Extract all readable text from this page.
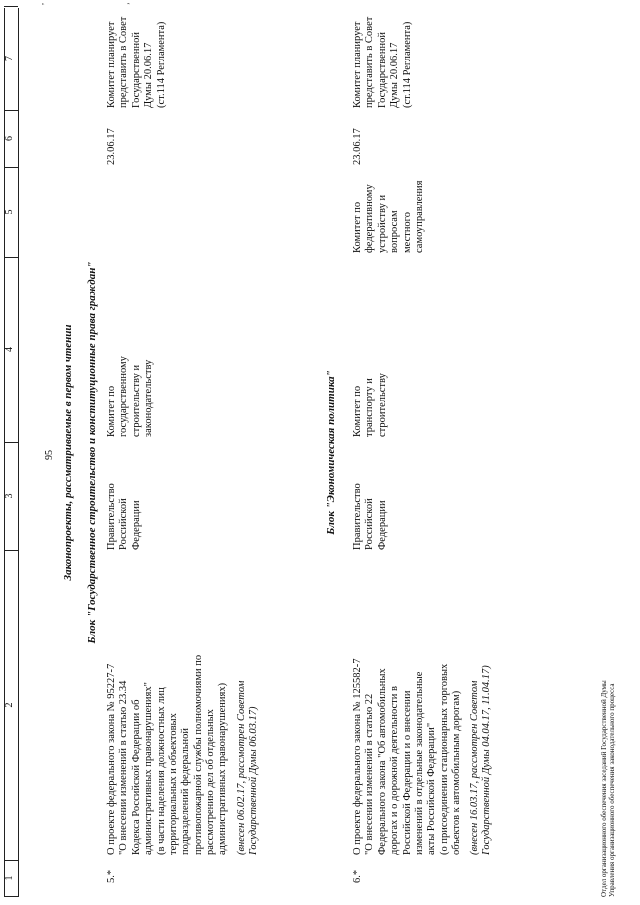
1
2
3
4
5
6
7
95 Законопроекты, рассматриваемые в первом чтении Блок "Государственное строительство и конституционные права граждан"
5.*
О проекте федерального закона № 95227-7
"О внесении изменений в статью 23.34
Кодекса Российской Федерации об
административных правонарушениях"
(в части наделения должностных лиц
территориальных и объектовых
подразделений федеральной
противопожарной службы полномочиями по
рассмотрению дел об отдельных
административных правонарушениях)
(внесен 06.02.17, рассмотрен Советом
Государственной Думы 06.03.17)
Правительство
Российской
Федерации
Комитет по
государственному
строительству и
законодательству
23.06.17
Комитет планирует
представить в Совет
Государственной
Думы 20.06.17
(ст.114 Регламента)
Блок "Экономическая политика"
6.*
О проекте федерального закона № 125582-7
"О внесении изменений в статью 22
Федерального закона "Об автомобильных
дорогах и о дорожной деятельности в
Российской Федерации и о внесении
изменений в отдельные законодательные
акты Российской Федерации"
(о присоединении стационарных торговых
объектов к автомобильным дорогам)
(внесен 16.03.17, рассмотрен Советом
Государственной Думы 04.04.17, 11.04.17)
Правительство
Российской
Федерации
Комитет по
транспорту и
строительству
Комитет по
федеративному
устройству и
вопросам местного
самоуправления
23.06.17
Комитет планирует
представить в Совет
Государственной
Думы 20.06.17
(ст.114 Регламента)
Отдел организационного обеспечения заседаний Государственной Думы Управления организационного обеспечения законодательного процесса
,	ʼ
